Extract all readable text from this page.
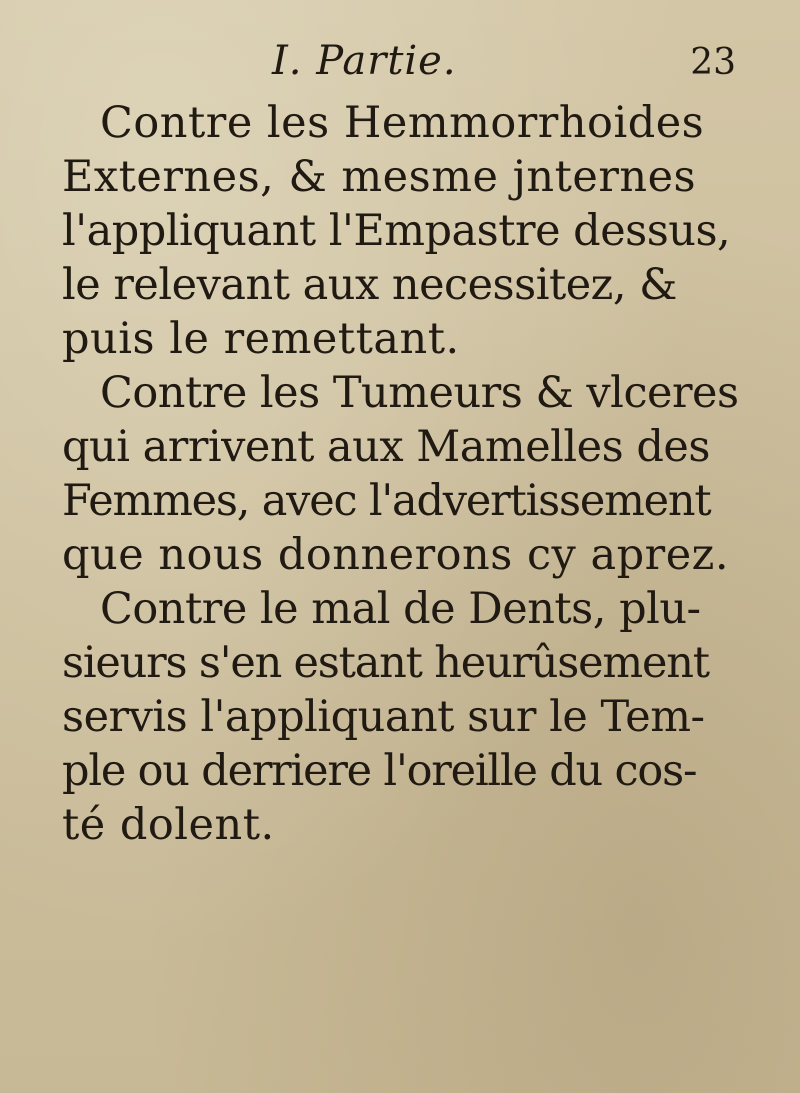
I. Partie.	23
Contre les Hemmorrhoides
Externes, & mesme jnternes
l'appliquant l'Empastre dessus,
le relevant aux necessitez, &
puis le remettant.
Contre les Tumeurs & vlceres
qui arrivent aux Mamelles des
Femmes, avec l'advertissement
que nous donnerons cy aprez.
Contre le mal de Dents, plu-
sieurs s'en estant heurûsement
servis l'appliquant sur le Tem-
ple ou derriere l'oreille du cos-
té dolent.
